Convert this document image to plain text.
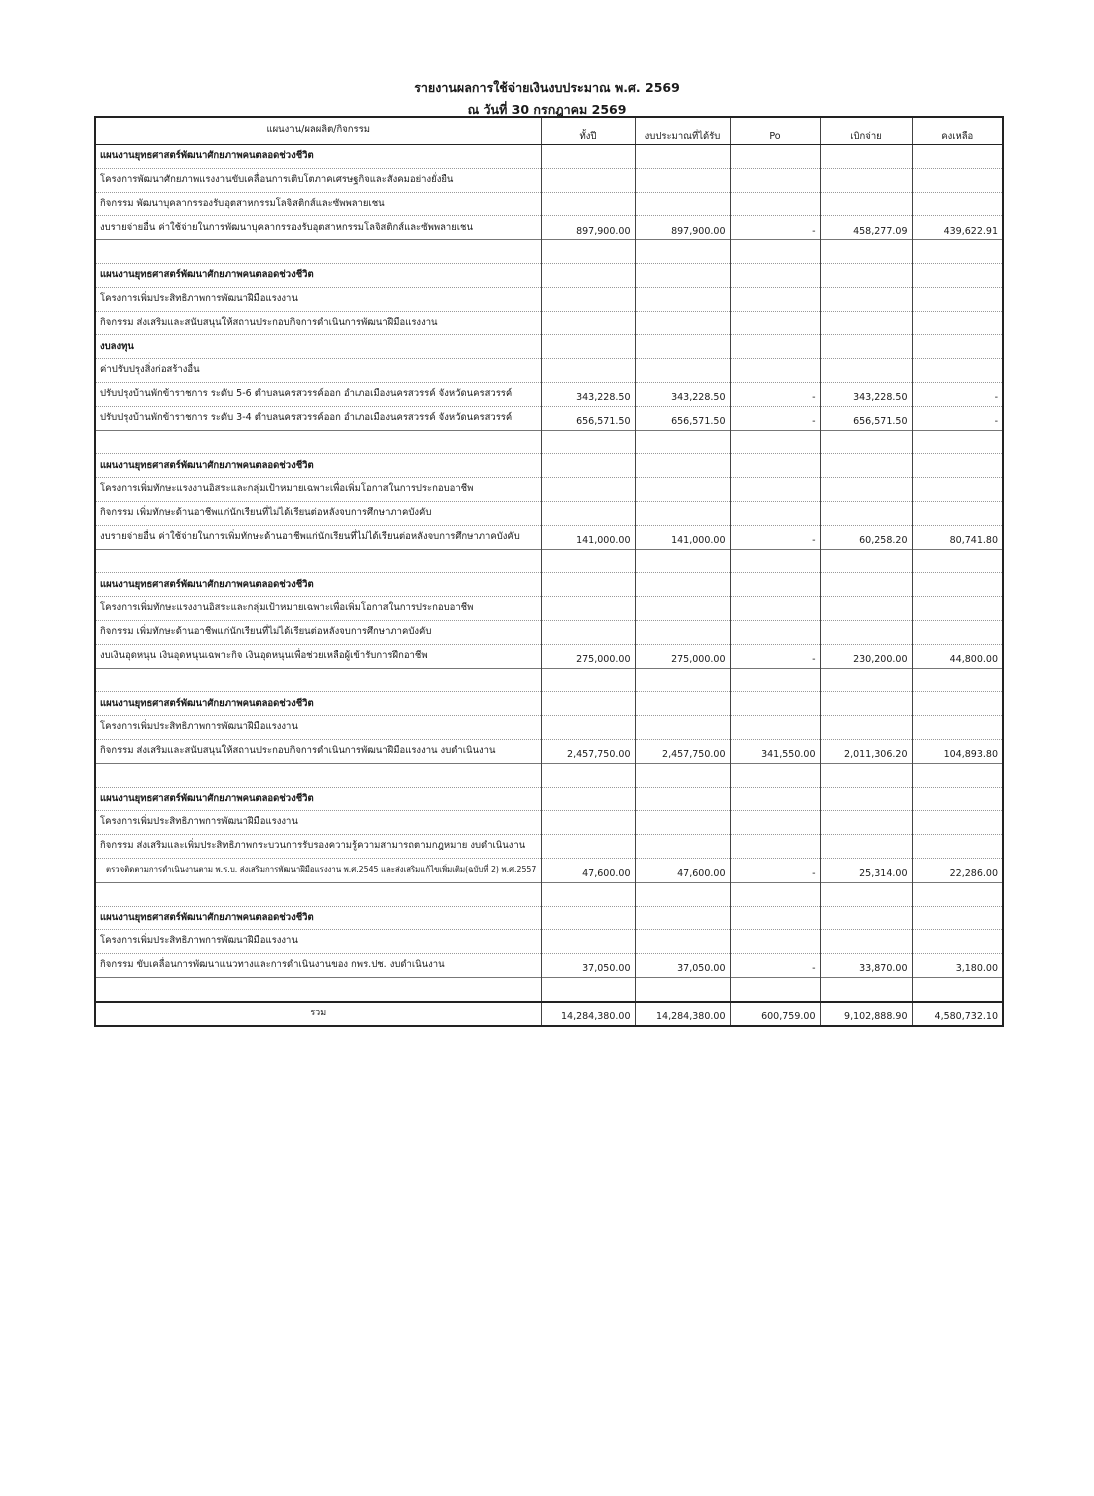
รายงานผลการใช้จ่ายเงินงบประมาณ พ.ศ. 2569
ณ วันที่ 30 กรกฎาคม 2569
แผนงาน/ผลผลิต/กิจกรรม	ทั้งปี	งบประมาณที่ได้รับ	Po	เบิกจ่าย	คงเหลือ
แผนงานยุทธศาสตร์พัฒนาศักยภาพคนตลอดช่วงชีวิต					
โครงการพัฒนาศักยภาพแรงงานขับเคลื่อนการเติบโตภาคเศรษฐกิจและสังคมอย่างยั่งยืน					
กิจกรรม พัฒนาบุคลากรรองรับอุตสาหกรรมโลจิสติกส์และซัพพลายเชน					
งบรายจ่ายอื่น ค่าใช้จ่ายในการพัฒนาบุคลากรรองรับอุตสาหกรรมโลจิสติกส์และซัพพลายเชน	897,900.00	897,900.00	-	458,277.09	439,622.91

แผนงานยุทธศาสตร์พัฒนาศักยภาพคนตลอดช่วงชีวิต					
โครงการเพิ่มประสิทธิภาพการพัฒนาฝีมือแรงงาน					
กิจกรรม ส่งเสริมและสนับสนุนให้สถานประกอบกิจการดำเนินการพัฒนาฝีมือแรงงาน					
งบลงทุน					
ค่าปรับปรุงสิ่งก่อสร้างอื่น					
ปรับปรุงบ้านพักข้าราชการ ระดับ 5-6 ตำบลนครสวรรค์ออก อำเภอเมืองนครสวรรค์ จังหวัดนครสวรรค์	343,228.50	343,228.50	-	343,228.50	-
ปรับปรุงบ้านพักข้าราชการ ระดับ 3-4 ตำบลนครสวรรค์ออก อำเภอเมืองนครสวรรค์ จังหวัดนครสวรรค์	656,571.50	656,571.50	-	656,571.50	-

แผนงานยุทธศาสตร์พัฒนาศักยภาพคนตลอดช่วงชีวิต					
โครงการเพิ่มทักษะแรงงานอิสระและกลุ่มเป้าหมายเฉพาะเพื่อเพิ่มโอกาสในการประกอบอาชีพ					
กิจกรรม เพิ่มทักษะด้านอาชีพแก่นักเรียนที่ไม่ได้เรียนต่อหลังจบการศึกษาภาคบังคับ					
งบรายจ่ายอื่น ค่าใช้จ่ายในการเพิ่มทักษะด้านอาชีพแก่นักเรียนที่ไม่ได้เรียนต่อหลังจบการศึกษาภาคบังคับ	141,000.00	141,000.00	-	60,258.20	80,741.80

แผนงานยุทธศาสตร์พัฒนาศักยภาพคนตลอดช่วงชีวิต					
โครงการเพิ่มทักษะแรงงานอิสระและกลุ่มเป้าหมายเฉพาะเพื่อเพิ่มโอกาสในการประกอบอาชีพ					
กิจกรรม เพิ่มทักษะด้านอาชีพแก่นักเรียนที่ไม่ได้เรียนต่อหลังจบการศึกษาภาคบังคับ					
งบเงินอุดหนุน เงินอุดหนุนเฉพาะกิจ เงินอุดหนุนเพื่อช่วยเหลือผู้เข้ารับการฝึกอาชีพ	275,000.00	275,000.00	-	230,200.00	44,800.00

แผนงานยุทธศาสตร์พัฒนาศักยภาพคนตลอดช่วงชีวิต					
โครงการเพิ่มประสิทธิภาพการพัฒนาฝีมือแรงงาน					
กิจกรรม ส่งเสริมและสนับสนุนให้สถานประกอบกิจการดำเนินการพัฒนาฝีมือแรงงาน งบดำเนินงาน	2,457,750.00	2,457,750.00	341,550.00	2,011,306.20	104,893.80

แผนงานยุทธศาสตร์พัฒนาศักยภาพคนตลอดช่วงชีวิต					
โครงการเพิ่มประสิทธิภาพการพัฒนาฝีมือแรงงาน					
กิจกรรม ส่งเสริมและเพิ่มประสิทธิภาพกระบวนการรับรองความรู้ความสามารถตามกฎหมาย งบดำเนินงาน					
ตรวจติดตามการดำเนินงานตาม พ.ร.บ. ส่งเสริมการพัฒนาฝีมือแรงงาน พ.ศ.2545 และส่งเสริมแก้ไขเพิ่มเติม(ฉบับที่ 2) พ.ศ.2557	47,600.00	47,600.00	-	25,314.00	22,286.00

แผนงานยุทธศาสตร์พัฒนาศักยภาพคนตลอดช่วงชีวิต					
โครงการเพิ่มประสิทธิภาพการพัฒนาฝีมือแรงงาน					
กิจกรรม ขับเคลื่อนการพัฒนาแนวทางและการดำเนินงานของ กพร.ปช. งบดำเนินงาน	37,050.00	37,050.00	-	33,870.00	3,180.00

รวม	14,284,380.00	14,284,380.00	600,759.00	9,102,888.90	4,580,732.10
